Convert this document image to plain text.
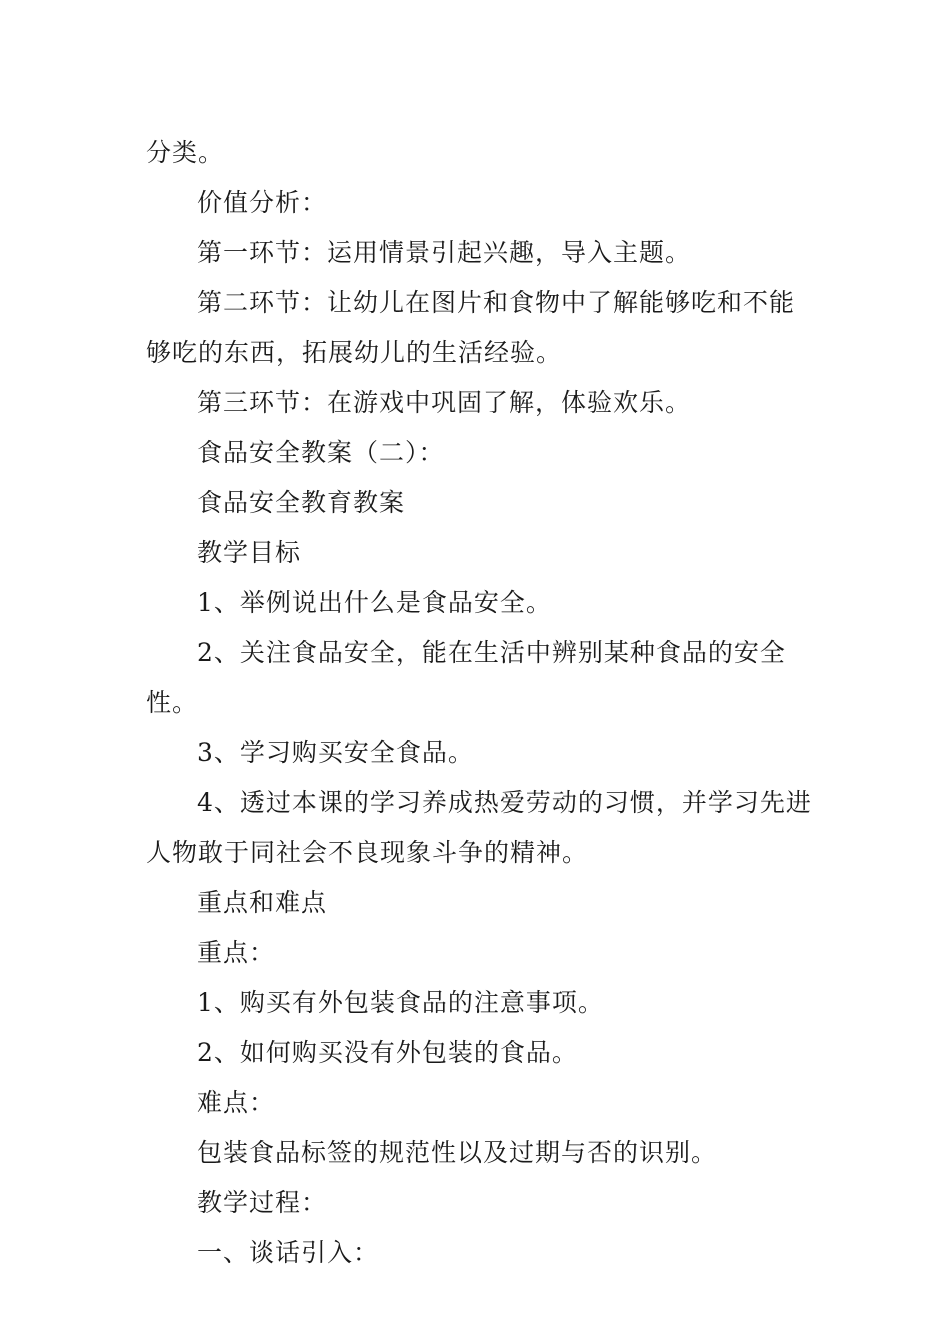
分类。

价值分析：

第一环节：运用情景引起兴趣，导入主题。

第二环节：让幼儿在图片和食物中了解能够吃和不能够吃的东西，拓展幼儿的生活经验。

第三环节：在游戏中巩固了解，体验欢乐。

食品安全教案（二）：

食品安全教育教案

教学目标

1、举例说出什么是食品安全。

2、关注食品安全，能在生活中辨别某种食品的安全性。

3、学习购买安全食品。

4、透过本课的学习养成热爱劳动的习惯，并学习先进人物敢于同社会不良现象斗争的精神。

重点和难点

重点：

1、购买有外包装食品的注意事项。

2、如何购买没有外包装的食品。

难点：

包装食品标签的规范性以及过期与否的识别。

教学过程：

一、谈话引入：
